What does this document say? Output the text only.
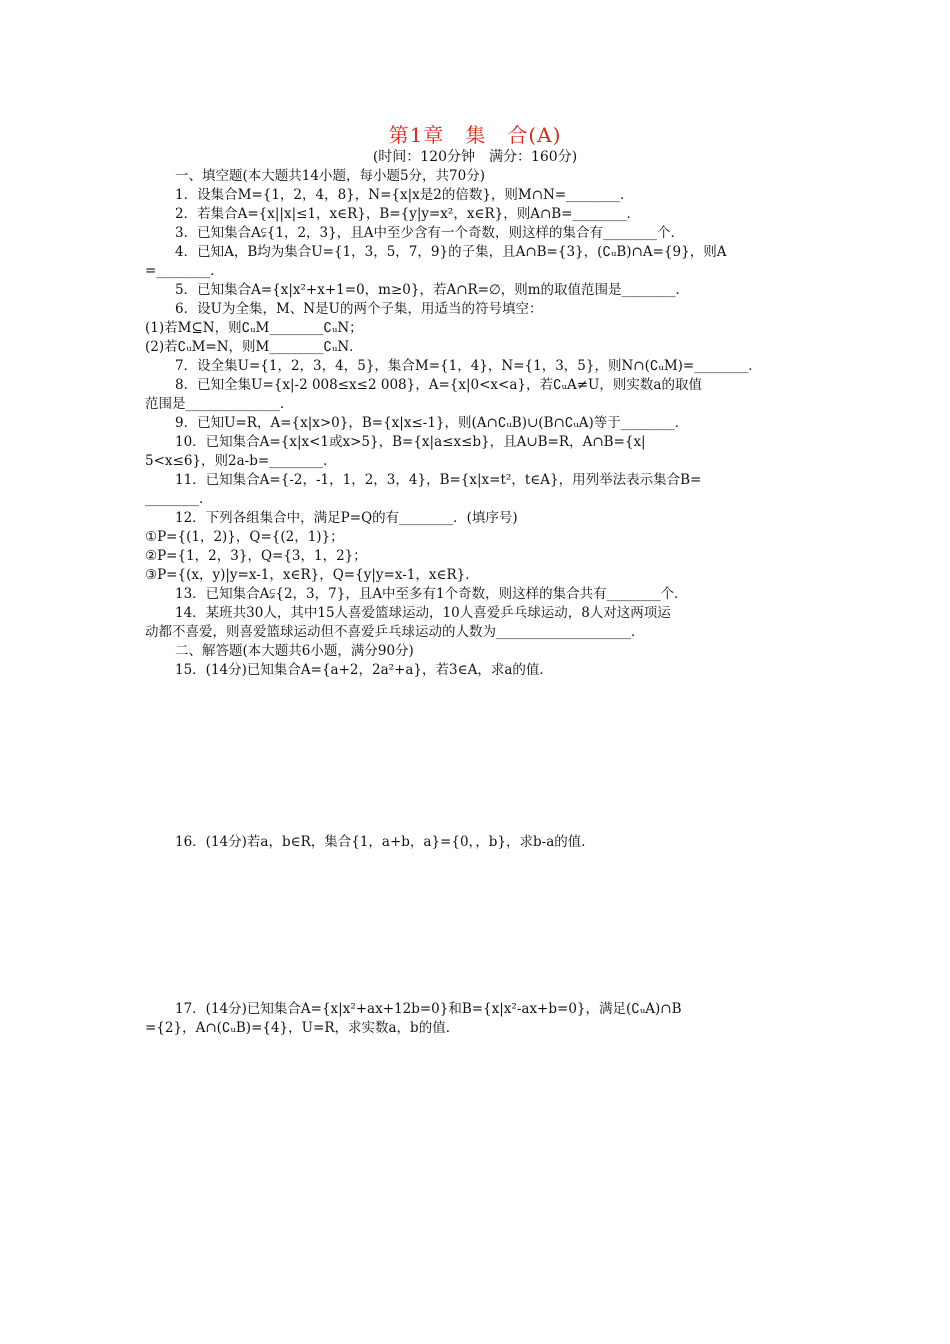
第1章　集　合(A)
(时间：120分钟　满分：160分)
一、填空题(本大题共14小题，每小题5分，共70分)
1．设集合M={1，2，4，8}，N={x|x是2的倍数}，则M∩N=________．
2．若集合A={x||x|≤1，x∈R}，B={y|y=x²，x∈R}，则A∩B=________．
3．已知集合A⫋{1，2，3}，且A中至少含有一个奇数，则这样的集合有________个．
4．已知A，B均为集合U={1，3，5，7，9}的子集，且A∩B={3}，(∁ᵤB)∩A={9}，则A
=________．
5．已知集合A={x|x²+x+1=0，m≥0}，若A∩R=∅，则m的取值范围是________．
6．设U为全集，M、N是U的两个子集，用适当的符号填空：
(1)若M⊆N，则∁ᵤM________∁ᵤN；
(2)若∁ᵤM=N，则M________∁ᵤN．
7．设全集U={1，2，3，4，5}，集合M={1，4}，N={1，3，5}，则N∩(∁ᵤM)=________．
8．已知全集U={x|-2 008≤x≤2 008}，A={x|0<x<a}，若∁ᵤA≠U，则实数a的取值
范围是______________．
9．已知U=R，A={x|x>0}，B={x|x≤-1}，则(A∩∁ᵤB)∪(B∩∁ᵤA)等于________．
10．已知集合A={x|x<1或x>5}，B={x|a≤x≤b}，且A∪B=R，A∩B={x|
5<x≤6}，则2a-b=________．
11．已知集合A={-2，-1，1，2，3，4}，B={x|x=t²，t∈A}，用列举法表示集合B=
________．
12．下列各组集合中，满足P=Q的有________．(填序号)
①P={(1，2)}，Q={(2，1)}；
②P={1，2，3}，Q={3，1，2}；
③P={(x，y)|y=x-1，x∈R}，Q={y|y=x-1，x∈R}．
13．已知集合A⫋{2，3，7}，且A中至多有1个奇数，则这样的集合共有________个．
14．某班共30人，其中15人喜爱篮球运动，10人喜爱乒乓球运动，8人对这两项运
动都不喜爱，则喜爱篮球运动但不喜爱乒乓球运动的人数为____________________．
二、解答题(本大题共6小题，满分90分)
15．(14分)已知集合A={a+2，2a²+a}，若3∈A，求a的值．
16．(14分)若a，b∈R，集合{1，a+b，a}={0，，b}，求b-a的值．
17．(14分)已知集合A={x|x²+ax+12b=0}和B={x|x²-ax+b=0}，满足(∁ᵤA)∩B
={2}，A∩(∁ᵤB)={4}，U=R，求实数a，b的值．
